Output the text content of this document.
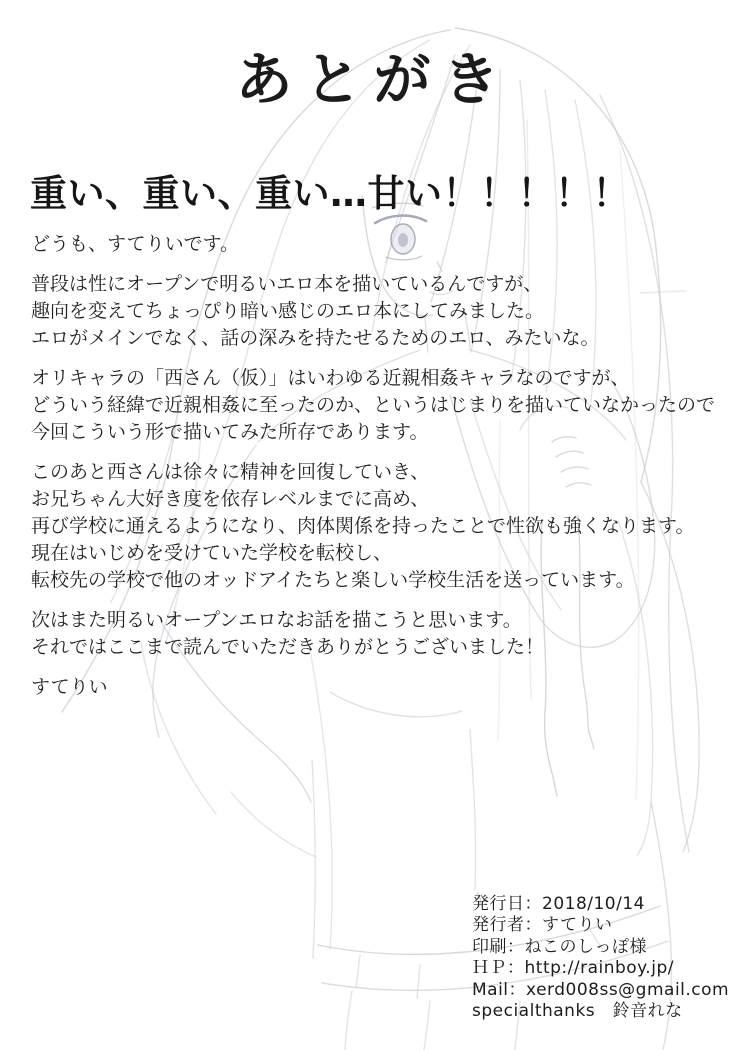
あとがき
重い、重い、重い…甘い！！！！！
どうも、すてりいです。
普段は性にオープンで明るいエロ本を描いているんですが、
趣向を変えてちょっぴり暗い感じのエロ本にしてみました。
エロがメインでなく、話の深みを持たせるためのエロ、みたいな。
オリキャラの「西さん（仮）」はいわゆる近親相姦キャラなのですが、
どういう経緯で近親相姦に至ったのか、というはじまりを描いていなかったので
今回こういう形で描いてみた所存であります。
このあと西さんは徐々に精神を回復していき、
お兄ちゃん大好き度を依存レベルまでに高め、
再び学校に通えるようになり、肉体関係を持ったことで性欲も強くなります。
現在はいじめを受けていた学校を転校し、
転校先の学校で他のオッドアイたちと楽しい学校生活を送っています。
次はまた明るいオープンエロなお話を描こうと思います。
それではここまで読んでいただきありがとうございました！
すてりい
発行日：2018/10/14
発行者：すてりい
印刷：ねこのしっぽ様
ＨＰ：http://rainboy.jp/
Mail：xerd008ss@gmail.com
specialthanks　鈴音れな
